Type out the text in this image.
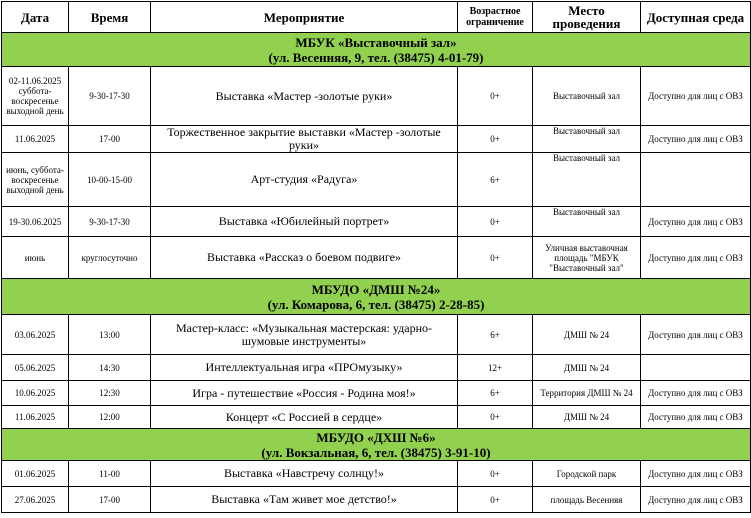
Дата	Время	Мероприятие	Возрастное ограничение	Место проведения	Доступная среда

МБУК «Выставочный зал»
(ул. Весенняя, 9, тел. (38475) 4-01-79)					

02-11.06.2025 суббота-воскресенье выходной день	9-30-17-30	Выставка «Мастер -золотые руки»	0+	Выставочный зал	Доступно для лиц с ОВЗ
11.06.2025	17-00	Торжественное закрытие выставки «Мастер -золотые руки»	0+	Выставочный зал	Доступно для лиц с ОВЗ
июнь, суббота-воскресенье выходной день	10-00-15-00	Арт-студия «Радуга»	6+	Выставочный зал	
19-30.06.2025	9-30-17-30	Выставка «Юбилейный портрет»	0+	Выставочный зал	Доступно для лиц с ОВЗ
июнь	круглосуточно	Выставка «Рассказ о боевом подвиге»	0+	Уличная выставочная площадь "МБУК "Выставочный зал"	Доступно для лиц с ОВЗ

МБУДО «ДМШ №24»
(ул. Комарова, 6, тел. (38475) 2-28-85)					

03.06.2025	13:00	Мастер-класс: «Музыкальная мастерская: ударно-шумовые инструменты»	6+	ДМШ № 24	Доступно для лиц с ОВЗ
05.06.2025	14:30	Интеллектуальная игра «ПРОмузыку»	12+	ДМШ № 24	
10.06.2025	12:30	Игра - путешествие «Россия - Родина моя!»	6+	Территория ДМШ № 24	Доступно для лиц с ОВЗ
11.06.2025	12:00	Концерт «С Россией в сердце»	0+	ДМШ № 24	Доступно для лиц с ОВЗ

МБУДО «ДХШ №6»
(ул. Вокзальная, 6, тел. (38475) 3-91-10)					

01.06.2025	11-00	Выставка «Навстречу солнцу!»	0+	Городской парк	Доступно для лиц с ОВЗ
27.06.2025	17-00	Выставка «Там живет мое детство!»	0+	площадь Весенняя	Доступно для лиц с ОВЗ
